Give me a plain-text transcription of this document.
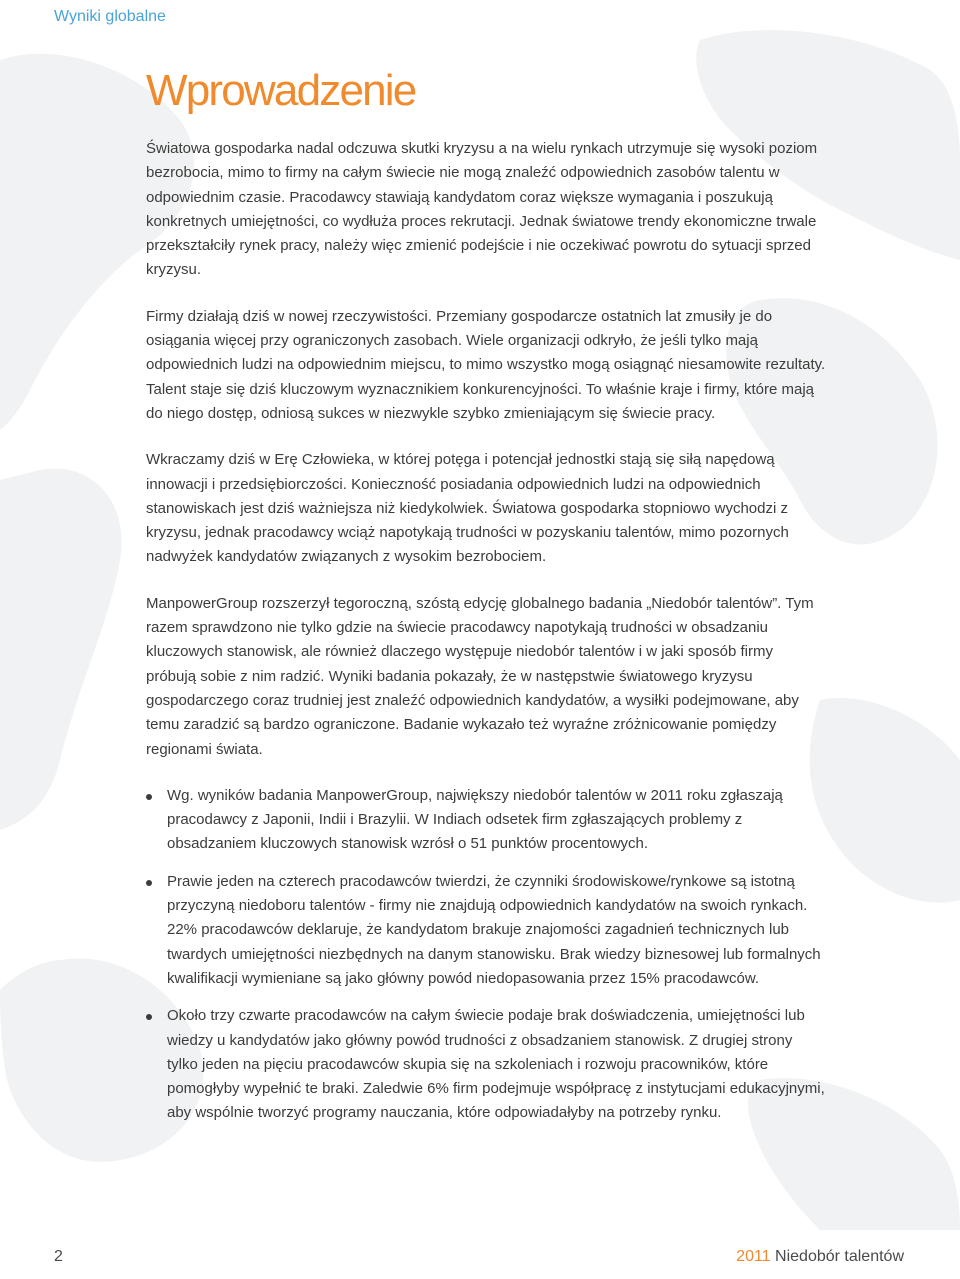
Wyniki globalne
Wprowadzenie

Światowa gospodarka nadal odczuwa skutki kryzysu a na wielu rynkach utrzymuje się wysoki poziom bezrobocia, mimo to firmy na całym świecie nie mogą znaleźć odpowiednich zasobów talentu w odpowiednim czasie. Pracodawcy stawiają kandydatom coraz większe wymagania i poszukują konkretnych umiejętności, co wydłuża proces rekrutacji. Jednak światowe trendy ekonomiczne trwale przekształciły rynek pracy, należy więc zmienić podejście i nie oczekiwać powrotu do sytuacji sprzed kryzysu.

Firmy działają dziś w nowej rzeczywistości. Przemiany gospodarcze ostatnich lat zmusiły je do osiągania więcej przy ograniczonych zasobach. Wiele organizacji odkryło, że jeśli tylko mają odpowiednich ludzi na odpowiednim miejscu, to mimo wszystko mogą osiągnąć niesamowite rezultaty. Talent staje się dziś kluczowym wyznacznikiem konkurencyjności. To właśnie kraje i firmy, które mają do niego dostęp, odniosą sukces w niezwykle szybko zmieniającym się świecie pracy.

Wkraczamy dziś w Erę Człowieka, w której potęga i potencjał jednostki stają się siłą napędową innowacji i przedsiębiorczości. Konieczność posiadania odpowiednich ludzi na odpowiednich stanowiskach jest dziś ważniejsza niż kiedykolwiek. Światowa gospodarka stopniowo wychodzi z kryzysu, jednak pracodawcy wciąż napotykają trudności w pozyskaniu talentów, mimo pozornych nadwyżek kandydatów związanych z wysokim bezrobociem.

ManpowerGroup rozszerzył tegoroczną, szóstą edycję globalnego badania „Niedobór talentów”. Tym razem sprawdzono nie tylko gdzie na świecie pracodawcy napotykają trudności w obsadzaniu kluczowych stanowisk, ale również dlaczego występuje niedobór talentów i w jaki sposób firmy próbują sobie z nim radzić. Wyniki badania pokazały, że w następstwie światowego kryzysu gospodarczego coraz trudniej jest znaleźć odpowiednich kandydatów, a wysiłki podejmowane, aby temu zaradzić są bardzo ograniczone. Badanie wykazało też wyraźne zróżnicowanie pomiędzy regionami świata.

Wg. wyników badania ManpowerGroup, największy niedobór talentów w 2011 roku zgłaszają pracodawcy z Japonii, Indii i Brazylii. W Indiach odsetek firm zgłaszających problemy z obsadzaniem kluczowych stanowisk wzrósł o 51 punktów procentowych.
Prawie jeden na czterech pracodawców twierdzi, że czynniki środowiskowe/rynkowe są istotną przyczyną niedoboru talentów - firmy nie znajdują odpowiednich kandydatów na swoich rynkach. 22% pracodawców deklaruje, że kandydatom brakuje znajomości zagadnień technicznych lub twardych umiejętności niezbędnych na danym stanowisku. Brak wiedzy biznesowej lub formalnych kwalifikacji wymieniane są jako główny powód niedopasowania przez 15% pracodawców.
Około trzy czwarte pracodawców na całym świecie podaje brak doświadczenia, umiejętności lub wiedzy u kandydatów jako główny powód trudności z obsadzaniem stanowisk. Z drugiej strony tylko jeden na pięciu pracodawców skupia się na szkoleniach i rozwoju pracowników, które pomogłyby wypełnić te braki. Zaledwie 6% firm podejmuje współpracę z instytucjami edukacyjnymi, aby wspólnie tworzyć programy nauczania, które odpowiadałyby na potrzeby rynku.
2	2011 Niedobór talentów
